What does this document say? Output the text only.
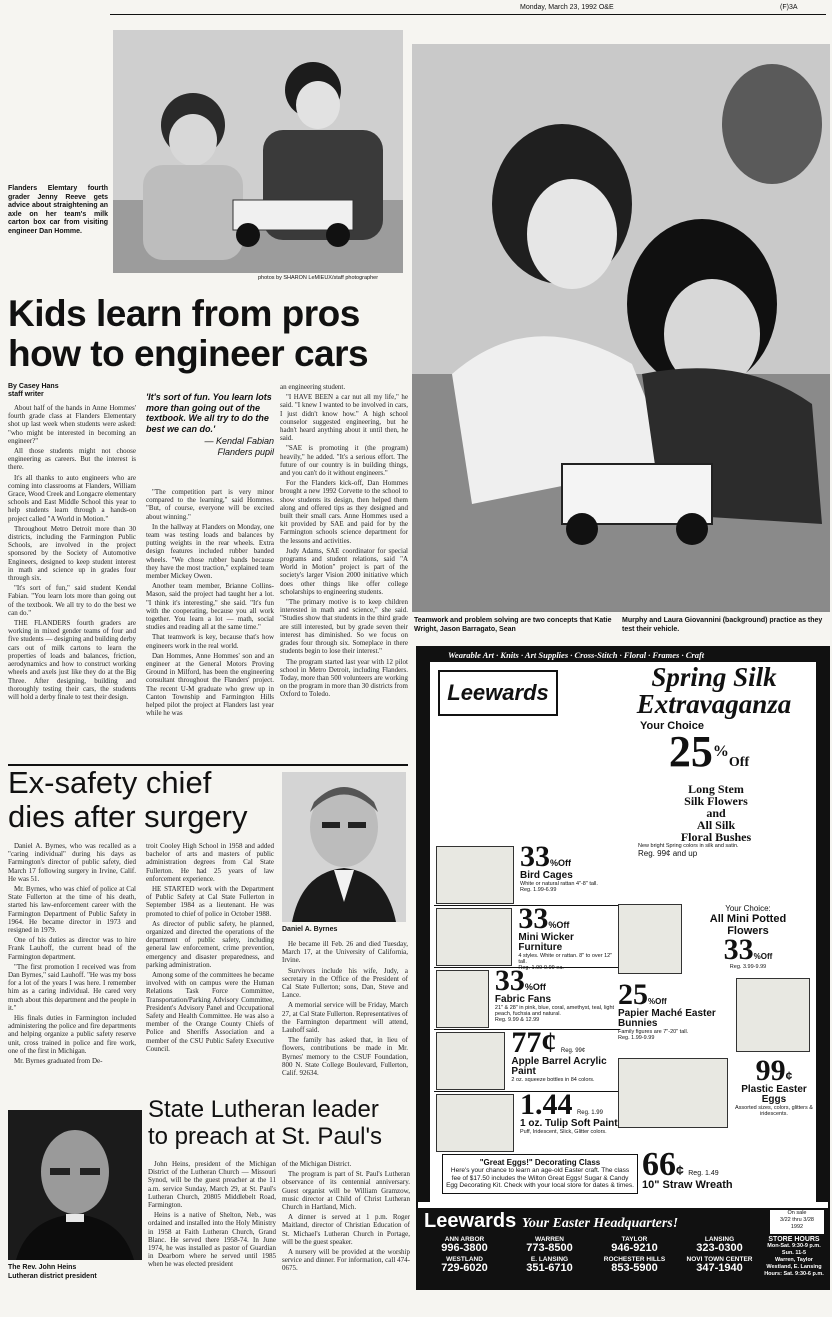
Monday, March 23, 1992 O&E	(F)3A
Flanders Elemtary fourth grader Jenny Reeve gets advice about straightening an axle on her team's milk carton box car from visiting engineer Dan Homme.
photos by SHARON LeMIEUX/staff photographer
Teamwork and problem solving are two concepts that Katie Wright, Jason Barragato, Sean
Murphy and Laura Giovannini (background) practice as they test their vehicle.
Kids learn from pros
how to engineer cars
By Casey Hans
staff writer

About half of the hands in Anne Hommes' fourth grade class at Flanders Elementary shot up last week when students were asked: "who might be interested in becoming an engineer?"

All those students might not choose engineering as careers. But the interest is there.

It's all thanks to auto engineers who are coming into classrooms at Flanders, William Grace, Wood Creek and Longacre elementary schools and East Middle School this year to help students learn through a hands-on project called "A World in Motion."

Throughout Metro Detroit more than 30 districts, including the Farmington Public Schools, are involved in the project sponsored by the Society of Automotive Engineers, designed to keep student interest in math and science up in grades four through six.

"It's sort of fun," said student Kendal Fabian. "You learn lots more than going out of the textbook. We all try to do the best we can do."

THE FLANDERS fourth graders are working in mixed gender teams of four and five students — designing and building derby cars out of milk cartons to learn the properties of loads and balances, friction, aerodynamics and how to construct working wheels and axels just like they do at the Big Three. After designing, building and thoroughly testing their cars, the students will hold a derby finale to test their design.

'It's sort of fun. You learn lots more than going out of the textbook. We all try to do the best we can do.'
— Kendal Fabian
Flanders pupil

"The competition part is very minor compared to the learning," said Hommes. "But, of course, everyone will be excited about winning."

In the hallway at Flanders on Monday, one team was testing loads and balances by putting weights in the rear wheels. Extra design features included rubber banded wheels. "We chose rubber bands because they have the most traction," explained team member Mickey Owen.

Another team member, Brianne Collins-Mason, said the project had taught her a lot. "I think it's interesting," she said. "It's fun with the cooperating, because you all work together. You learn a lot — math, social studies and reading all at the same time."

That teamwork is key, because that's how engineers work in the real world.

Dan Hommes, Anne Hommes' son and an engineer at the General Motors Proving Ground in Milford, has been the engineering consultant throughout the Flanders' project. The recent U-M graduate who grew up in Canton Township and Farmington Hills helped pilot the project at Flanders last year while he was

an engineering student.

"I HAVE BEEN a car nut all my life," he said. "I knew I wanted to be involved in cars, I just didn't know how." A high school counselor suggested engineering, but he hadn't heard anything about it until then, he said.

"SAE is promoting it (the program) heavily," he added. "It's a serious effort. The future of our country is in building things, and you can't do it without engineers."

For the Flanders kick-off, Dan Hommes brought a new 1992 Corvette to the school to show students its design, then helped them along and offered tips as they designed and built their small cars. Anne Hommes used a kit provided by SAE and paid for by the Farmington schools science department for the lessons and activities.

Judy Adams, SAE coordinator for special programs and student relations, said "A World in Motion" project is part of the society's larger Vision 2000 initiative which does other things like offer college scholarships to engineering students.

"The primary motive is to keep children interested in math and science," she said. "Studies show that students in the third grade are still interested, but by grade seven their interest has diminished. So we focus on grades four through six. Someplace in there students begin to lose their interest."

The program started last year with 12 pilot school in Metro Detroit, including Flanders. Today, more than 500 volunteers are working on the program in more than 30 districts from Oxford to Toledo.

Ex-safety chief
dies after surgery
Daniel A. Byrnes

Daniel A. Byrnes, who was recalled as a "caring individual" during his days as Farmington's director of public safety, died March 17 following surgery in Irvine, Calif. He was 51.

Mr. Byrnes, who was chief of police at Cal State Fullerton at the time of his death, started his law-enforcement career with the Farmington Department of Public Safety in 1964. He became director in 1973 and resigned in 1979.

One of his duties as director was to hire Frank Lauhoff, the current head of the Farmington department.

"The first promotion I received was from Dan Byrnes," said Lauhoff. "He was my boss for a lot of the years I was here. I remember him as a caring individual. He cared very much about this department and the people in it."

His finals duties in Farmington included administering the police and fire departments and helping organize a public safety reserve unit, cross trained in police and fire work, one of the first in Michigan.

Mr. Byrnes graduated from De-

troit Cooley High School in 1958 and added bachelor of arts and masters of public administration degrees from Cal State Fullerton. He had 25 years of law enforcement experience.

HE STARTED work with the Department of Public Safety at Cal State Fullerton in September 1984 as a lieutenant. He was promoted to chief of police in October 1988.

As director of public safety, he planned, organized and directed the operations of the department of public safety, including general law enforcement, crime prevention, emergency and disaster preparedness, and parking administration.

Among some of the committees he became involved with on campus were the Human Relations Task Force Committee, Transportation/Parking Advisory Committee, President's Advisory Panel and Occupational Safety and Health Committee. He was also a member of the Orange County Chiefs of Police and Sheriffs Association and a member of the CSU Public Safety Executive Council.

He became ill Feb. 26 and died Tuesday, March 17, at the University of California, Irvine.

Survivors include his wife, Judy, a secretary in the Office of the President of Cal State Fullerton; sons, Dan, Steve and Lance.

A memorial service will be Friday, March 27, at Cal State Fullerton. Representatives of the Farmington department will attend, Lauhoff said.

The family has asked that, in lieu of flowers, contributions be made in Mr. Byrnes' memory to the CSUF Foundation, 800 N. State College Boulevard, Fullerton, Calif. 92634.

The Rev. John Heins
Lutheran district president
State Lutheran leader
to preach at St. Paul's

John Heins, president of the Michigan District of the Lutheran Church — Missouri Synod, will be the guest preacher at the 11 a.m. service Sunday, March 29, at St. Paul's Lutheran Church, 20805 Middlebelt Road, Farmington.

Heins is a native of Shelton, Neb., was ordained and installed into the Holy Ministry in 1958 at Faith Lutheran Church, Grand Blanc. He served there 1958-74. In June 1974, he was installed as pastor of Guardian in Dearborn where he served until 1985 when he was elected president

of the Michigan District.

The program is part of St. Paul's Lutheran observance of its centennial anniversary. Guest organist will be William Gramzow, music director at Child of Christ Lutheran Church in Hartland, Mich.

A dinner is served at 1 p.m. Roger Maitland, director of Christian Education of St. Michael's Lutheran Church in Portage, will be the guest speaker.

A nursery will be provided at the worship service and dinner. For information, call 474-0675.

Wearable Art · Knits · Art Supplies · Cross-Stitch · Floral · Frames · Craft
Leewards
Spring Silk
Extravaganza
Your Choice
25%Off
Long Stem
Silk Flowers
and
All Silk
Floral Bushes
New bright Spring colors in silk and satin.
Reg. 99¢ and up
33%Off
Bird Cages
White or natural rattan 4"-8" tall.
Reg. 1.99-6.99
33%Off
Mini Wicker Furniture
4 styles. White or rattan. 8" to over 12" tall.
Reg. 1.99-9.99 ea.
33%Off
Fabric Fans
21" & 28" in pink, blue, coral, amethyst, teal, light peach, fuchsia and natural.
Reg. 9.99 & 12.99
77¢ Reg. 99¢
Apple Barrel Acrylic Paint
2 oz. squeeze bottles in 84 colors.
1.44 Reg. 1.99
1 oz. Tulip Soft Paint
Puff, Iridescent, Slick, Glitter colors.
Your Choice:
All Mini Potted Flowers
33%Off
Reg. 3.99-9.99
25%Off
Papier Maché Easter Bunnies
Family figures are 7"-20" tall.
Reg. 1.99-9.99
99¢
Plastic Easter Eggs
Assorted sizes, colors, glitters & iridescents.
"Great Eggs!" Decorating Class
Here's your chance to learn an age-old Easter craft. The class fee of $17.50 includes the Wilton Great Eggs! Sugar & Candy Egg Decorating Kit. Check with your local store for dates & times.
66¢ Reg. 1.49
10" Straw Wreath
Leewards Your Easter Headquarters!
On sale
3/22 thru 3/28
1992
ANN ARBOR
996-3800
WARREN
773-8500
TAYLOR
946-9210
LANSING
323-0300
WESTLAND
729-6020
E. LANSING
351-6710
ROCHESTER HILLS
853-5900
NOVI TOWN CENTER
347-1940
STORE HOURS
Mon-Sat. 9:30-9 p.m.
Sun. 11-5
Warren, Taylor
Westland, E. Lansing
Hours: Sat. 9:30-6 p.m.
